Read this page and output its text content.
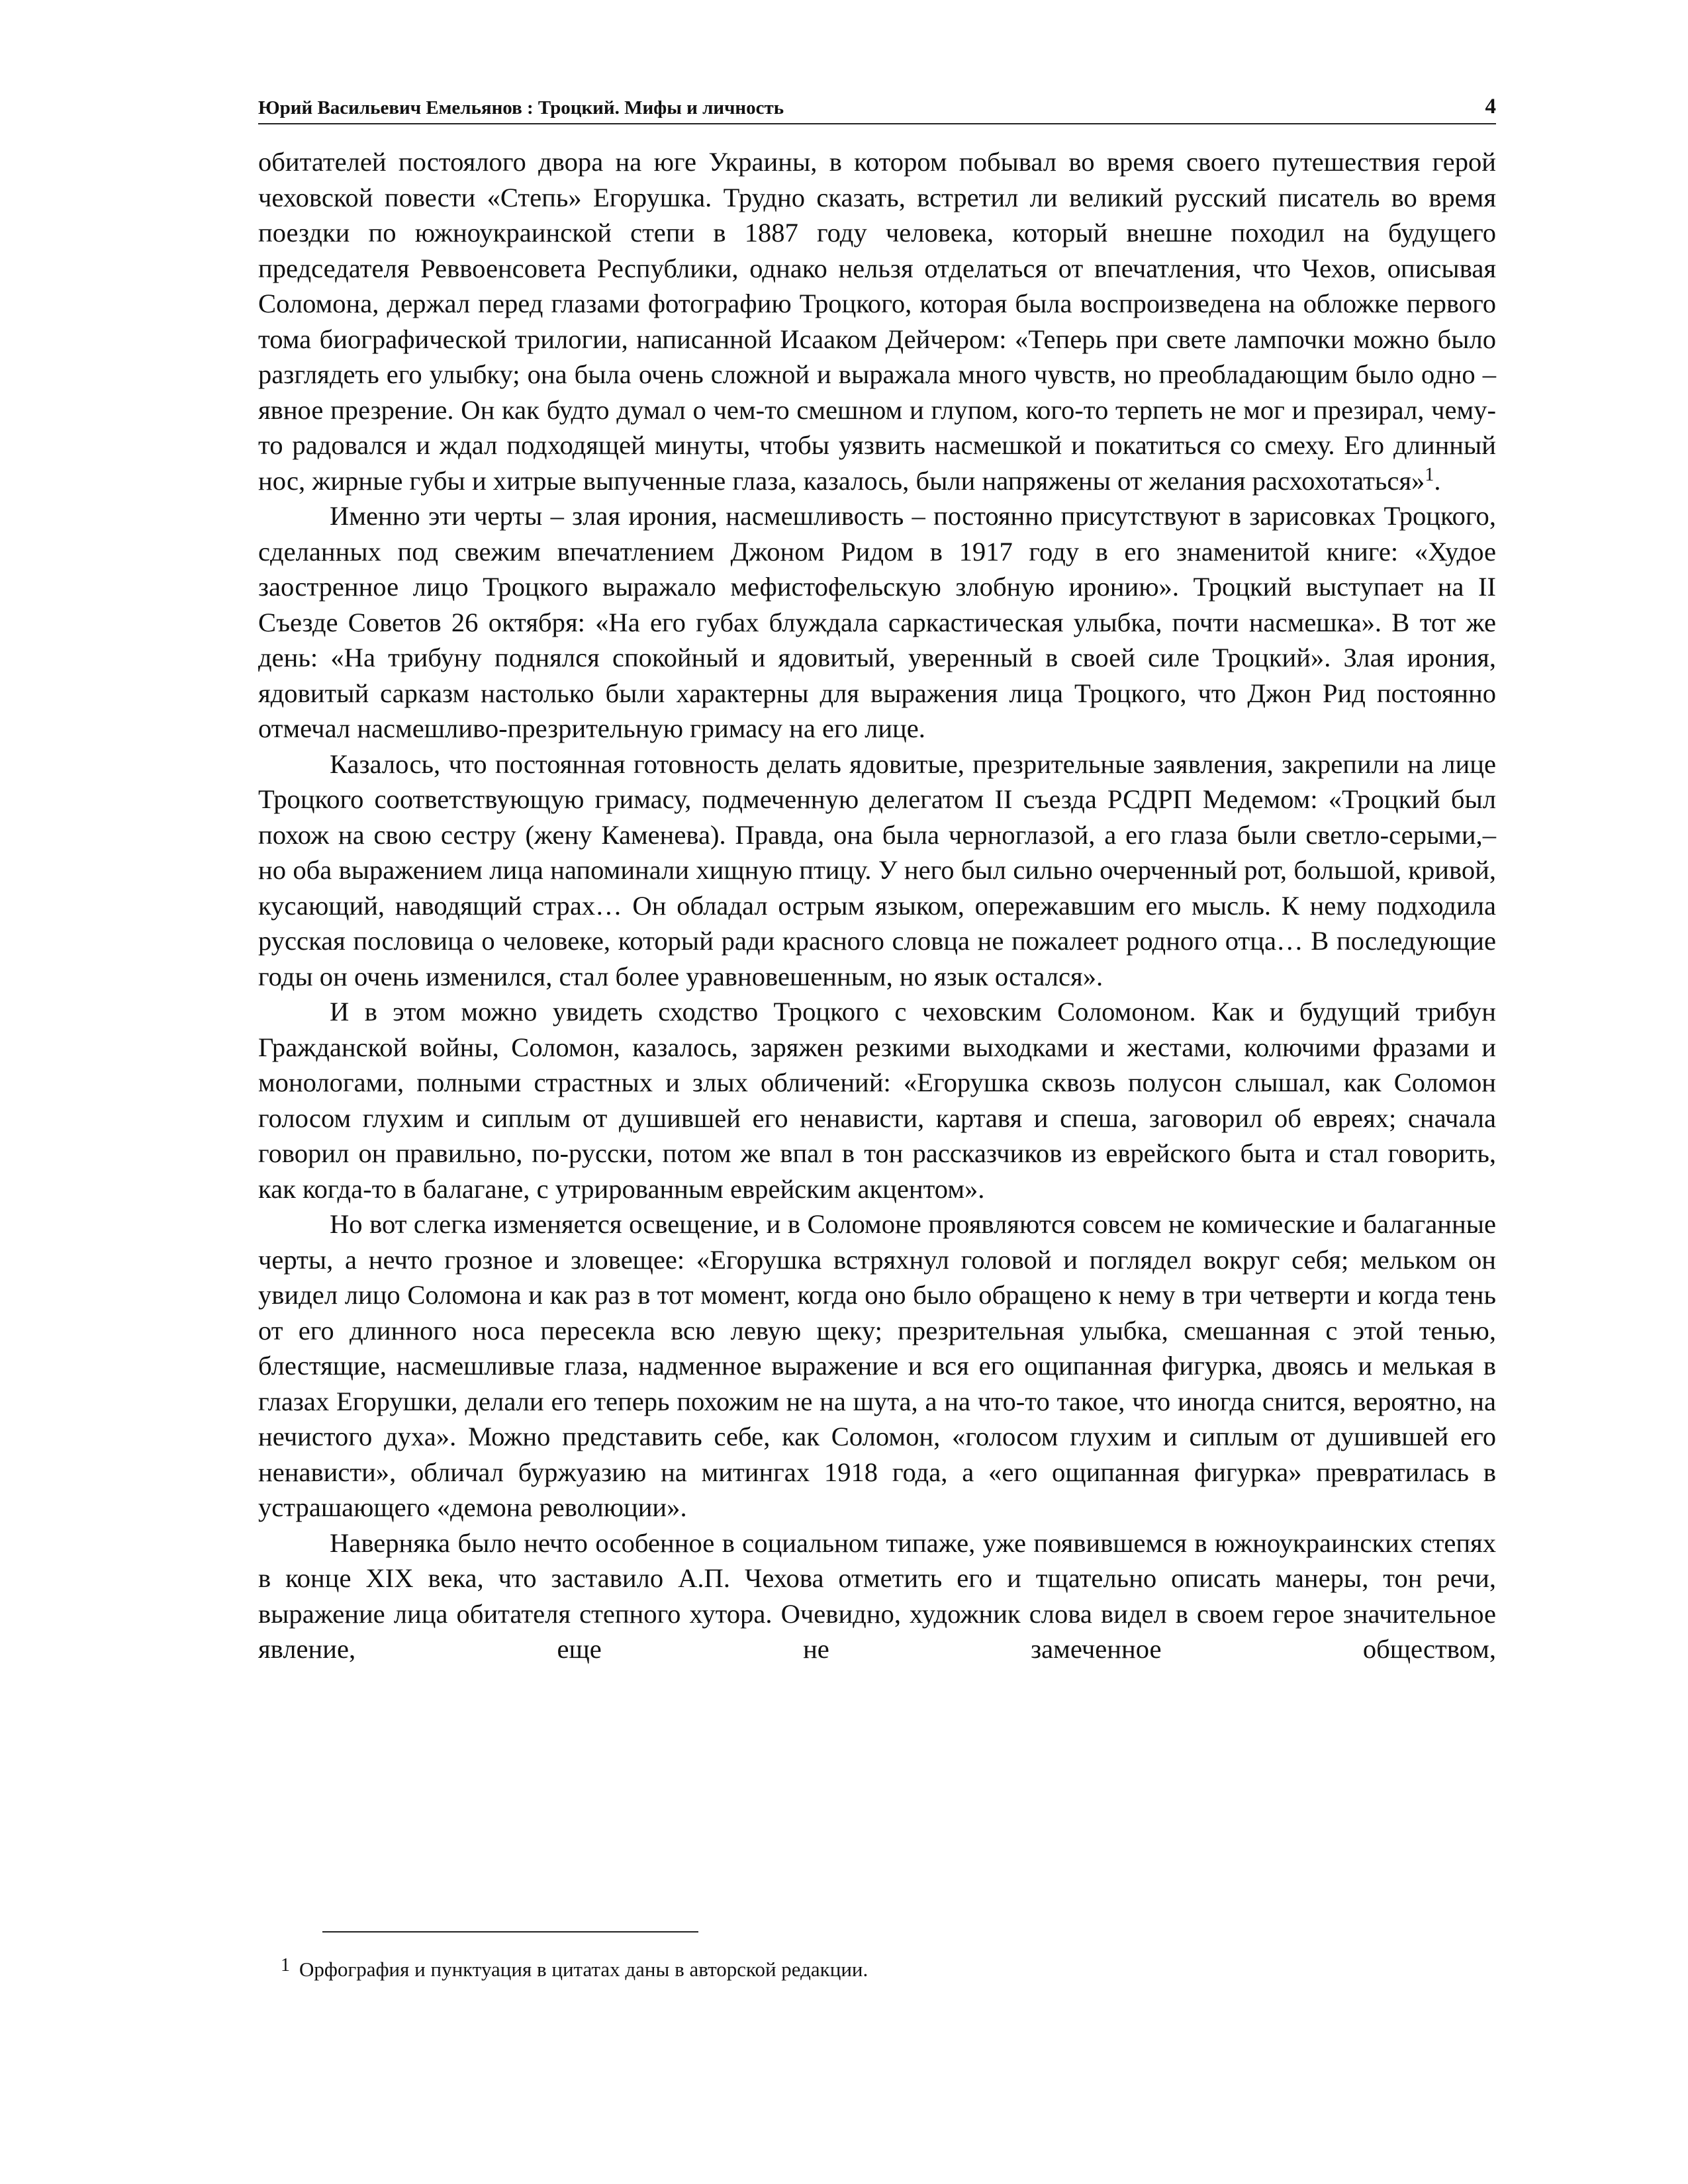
Юрий Васильевич Емельянов : Троцкий. Мифы и личность	4

обитателей постоялого двора на юге Украины, в котором побывал во время своего путешествия герой чеховской повести «Степь» Егорушка. Трудно сказать, встретил ли великий русский писатель во время поездки по южноукраинской степи в 1887 году человека, который внешне походил на будущего председателя Реввоенсовета Республики, однако нельзя отделаться от впечатления, что Чехов, описывая Соломона, держал перед глазами фотографию Троцкого, которая была воспроизведена на обложке первого тома биографической трилогии, написанной Исааком Дейчером: «Теперь при свете лампочки можно было разглядеть его улыбку; она была очень сложной и выражала много чувств, но преобладающим было одно – явное презрение. Он как будто думал о чем-то смешном и глупом, кого-то терпеть не мог и презирал, чему-то радовался и ждал подходящей минуты, чтобы уязвить насмешкой и покатиться со смеху. Его длинный нос, жирные губы и хитрые выпученные глаза, казалось, были напряжены от желания расхохотаться»$^1$.

Именно эти черты – злая ирония, насмешливость – постоянно присутствуют в зарисовках Троцкого, сделанных под свежим впечатлением Джоном Ридом в 1917 году в его знаменитой книге: «Худое заостренное лицо Троцкого выражало мефистофельскую злобную иронию». Троцкий выступает на II Съезде Советов 26 октября: «На его губах блуждала саркастическая улыбка, почти насмешка». В тот же день: «На трибуну поднялся спокойный и ядовитый, уверенный в своей силе Троцкий». Злая ирония, ядовитый сарказм настолько были характерны для выражения лица Троцкого, что Джон Рид постоянно отмечал насмешливо-презрительную гримасу на его лице.

Казалось, что постоянная готовность делать ядовитые, презрительные заявления, закрепили на лице Троцкого соответствующую гримасу, подмеченную делегатом II съезда РСДРП Медемом: «Троцкий был похож на свою сестру (жену Каменева). Правда, она была черноглазой, а его глаза были светло-серыми,– но оба выражением лица напоминали хищную птицу. У него был сильно очерченный рот, большой, кривой, кусающий, наводящий страх… Он обладал острым языком, опережавшим его мысль. К нему подходила русская пословица о человеке, который ради красного словца не пожалеет родного отца… В последующие годы он очень изменился, стал более уравновешенным, но язык остался».

И в этом можно увидеть сходство Троцкого с чеховским Соломоном. Как и будущий трибун Гражданской войны, Соломон, казалось, заряжен резкими выходками и жестами, колючими фразами и монологами, полными страстных и злых обличений: «Егорушка сквозь полусон слышал, как Соломон голосом глухим и сиплым от душившей его ненависти, картавя и спеша, заговорил об евреях; сначала говорил он правильно, по-русски, потом же впал в тон рассказчиков из еврейского быта и стал говорить, как когда-то в балагане, с утрированным еврейским акцентом».

Но вот слегка изменяется освещение, и в Соломоне проявляются совсем не комические и балаганные черты, а нечто грозное и зловещее: «Егорушка встряхнул головой и поглядел вокруг себя; мельком он увидел лицо Соломона и как раз в тот момент, когда оно было обращено к нему в три четверти и когда тень от его длинного носа пересекла всю левую щеку; презрительная улыбка, смешанная с этой тенью, блестящие, насмешливые глаза, надменное выражение и вся его ощипанная фигурка, двоясь и мелькая в глазах Егорушки, делали его теперь похожим не на шута, а на что-то такое, что иногда снится, вероятно, на нечистого духа». Можно представить себе, как Соломон, «голосом глухим и сиплым от душившей его ненависти», обличал буржуазию на митингах 1918 года, а «его ощипанная фигурка» превратилась в устрашающего «демона революции».

Наверняка было нечто особенное в социальном типаже, уже появившемся в южноукраинских степях в конце XIX века, что заставило А.П. Чехова отметить его и тщательно описать манеры, тон речи, выражение лица обитателя степного хутора. Очевидно, художник слова видел в своем герое значительное явление, еще не замеченное обществом,

$^1$ Орфография и пунктуация в цитатах даны в авторской редакции.
